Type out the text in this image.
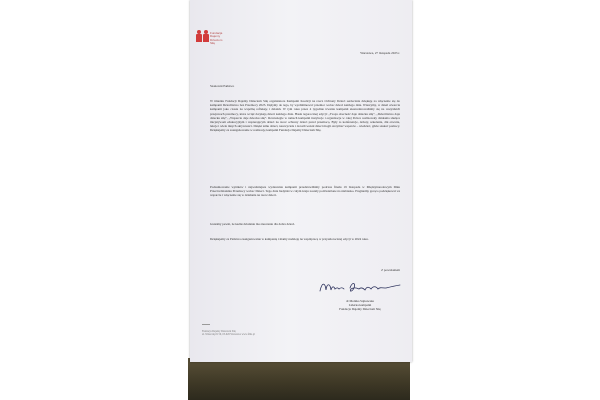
Fundacja
Dajemy
Dzieciom
Siłę
Warszawa, 27 listopada 2023 r.
Szanowni Państwo
W imieniu Fundacji Dajemy Dzieciom Siłę organizatora Kampanii Koalicji na rzecz Ochrony Dzieci serdecznie dziękuję za włączenie się do kampanii Dzieciństwo bez Przemocy 2023. Dążymy do tego, by wyeliminować przemoc wobec dzieci każdego dnia. Wierzymy, w dzień otwarcia kampanii jako czasie na wspólną refleksję i działań. W tym roku przez 4 tygodnie trwania kampanii skoncentrowaliśmy się na wszystkich przejawach przemocy, które wciąż dotykają dzieci każdego dnia. Hasła tegorocznej edycji: „Twoja obecność daje dziecku siłę”, „Dzieciństwo daje dziecku siłę”, „Wsparcie daje dziecku siłę”. Równolegle w ramach kampanii instytucje i organizacje w całej Polsce realizowały działania służące inicjatywom edukacyjnym i wspierającym dzieci na rzecz ochrony dzieci przed przemocą. Były to konferencje, debaty, szkolenia, dni otwarte, lekcje i wiele innych aktywności. Dzięki temu dzieci, nauczyciele i dorośli wokół dzieci mogli otrzymać wsparcie – wiedzieć, gdzie szukać pomocy. Dziękujemy za zaangażowanie w realizację kampanii Fundacja Dajemy Dzieciom Siłę.
Podsumowanie wyników i najważniejsze wydarzenia kampanii przedstawiliśmy podczas finału 19 listopada w Międzynarodowym Dniu Przeciwdziałania Przemocy wobec Dzieci. Tego dnia budynki w całym kraju zostały podświetlone na niebiesko. Pragniemy gorąco podziękować za wsparcie i włączenie się w działania na rzecz dzieci.
Jesteśmy pewni, że każde działanie ma znaczenie dla dobra dzieci.
Dziękujemy za Państwa zaangażowanie w kampanię i mamy nadzieję na współpracę w przyszłorocznej edycji w 2024 roku.
Z poważaniem
dr Monika Sajkowska
Liderka kampanii
Fundacja Dajemy Dzieciom Siłę
Fundacja Dajemy Dzieciom Siłę
ul. Walecznych 59, 03-926 Warszawa www.fdds.pl
